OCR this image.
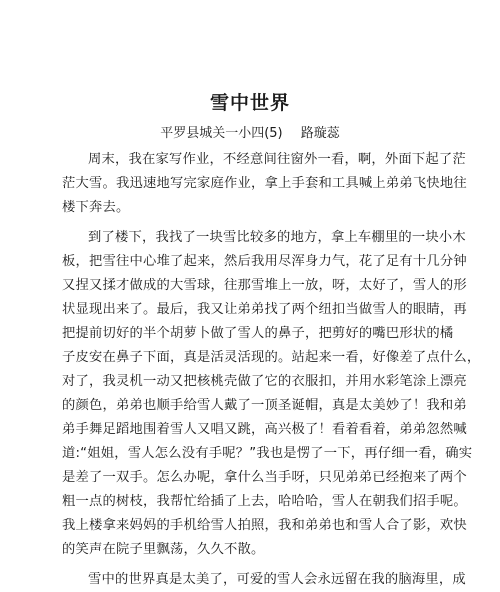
雪中世界
平罗县城关一小四(5) 路璇蕊

周末，我在家写作业，不经意间往窗外一看，啊，外面下起了茫

茫大雪。我迅速地写完家庭作业，拿上手套和工具喊上弟弟飞快地往

楼下奔去。

到了楼下，我找了一块雪比较多的地方，拿上车棚里的一块小木

板，把雪往中心堆了起来，然后我用尽浑身力气，花了足有十几分钟

又捏又揉才做成的大雪球，往那雪堆上一放，呀，太好了，雪人的形

状显现出来了。最后，我又让弟弟找了两个纽扣当做雪人的眼睛，再

把提前切好的半个胡萝卜做了雪人的鼻子，把剪好的嘴巴形状的橘

子皮安在鼻子下面，真是活灵活现的。站起来一看，好像差了点什么，

对了，我灵机一动又把核桃壳做了它的衣服扣，并用水彩笔涂上漂亮

的颜色，弟弟也顺手给雪人戴了一顶圣诞帽，真是太美妙了！我和弟

弟手舞足蹈地围着雪人又唱又跳，高兴极了！看着看着，弟弟忽然喊

道:“姐姐，雪人怎么没有手呢？”我也是愣了一下，再仔细一看，确实

是差了一双手。怎么办呢，拿什么当手呀，只见弟弟已经抱来了两个

粗一点的树枝，我帮忙给插了上去，哈哈哈，雪人在朝我们招手呢。

我上楼拿来妈妈的手机给雪人拍照，我和弟弟也和雪人合了影，欢快

的笑声在院子里飘荡，久久不散。

雪中的世界真是太美了，可爱的雪人会永远留在我的脑海里，成
